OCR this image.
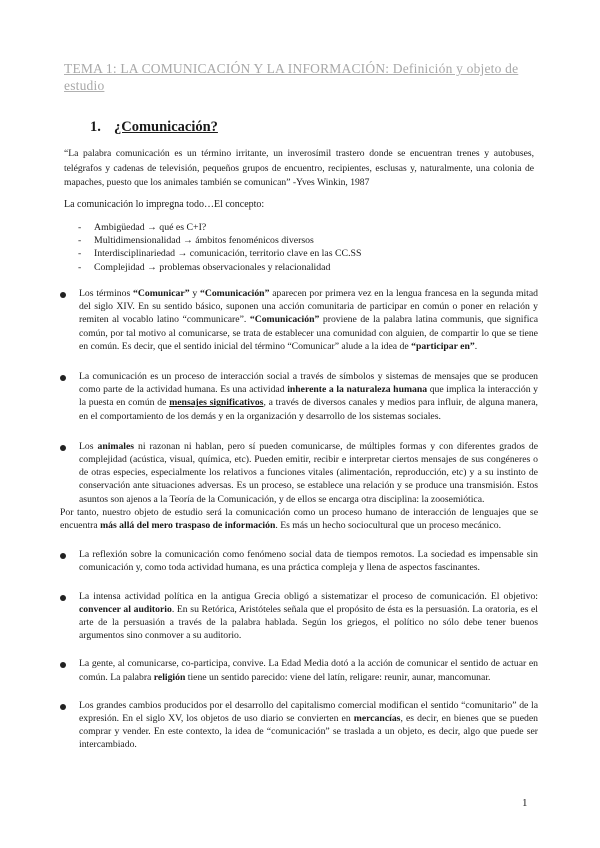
TEMA 1: LA COMUNICACIÓN Y LA INFORMACIÓN: Definición y objeto de estudio
1. ¿Comunicación?
“La palabra comunicación es un término irritante, un inverosímil trastero donde se encuentran trenes y autobuses, telégrafos y cadenas de televisión, pequeños grupos de encuentro, recipientes, esclusas y, naturalmente, una colonia de mapaches, puesto que los animales también se comunican” -Yves Winkin, 1987
La comunicación lo impregna todo…El concepto:
- Ambigüedad → qué es C+I?
- Multidimensionalidad → ámbitos fenoménicos diversos
- Interdisciplinariedad → comunicación, territorio clave en las CC.SS
- Complejidad → problemas observacionales y relacionalidad

Los términos “Comunicar” y “Comunicación” aparecen por primera vez en la lengua francesa en la segunda mitad del siglo XIV. En su sentido básico, suponen una acción comunitaria de participar en común o poner en relación y remiten al vocablo latino “communicare”. “Comunicación” proviene de la palabra latina communis, que significa común, por tal motivo al comunicarse, se trata de establecer una comunidad con alguien, de compartir lo que se tiene en común. Es decir, que el sentido inicial del término “Comunicar” alude a la idea de “participar en”.

La comunicación es un proceso de interacción social a través de símbolos y sistemas de mensajes que se producen como parte de la actividad humana. Es una actividad inherente a la naturaleza humana que implica la interacción y la puesta en común de mensajes significativos, a través de diversos canales y medios para influir, de alguna manera, en el comportamiento de los demás y en la organización y desarrollo de los sistemas sociales.

Los animales ni razonan ni hablan, pero sí pueden comunicarse, de múltiples formas y con diferentes grados de complejidad (acústica, visual, química, etc). Pueden emitir, recibir e interpretar ciertos mensajes de sus congéneres o de otras especies, especialmente los relativos a funciones vitales (alimentación, reproducción, etc) y a su instinto de conservación ante situaciones adversas. Es un proceso, se establece una relación y se produce una transmisión. Estos asuntos son ajenos a la Teoría de la Comunicación, y de ellos se encarga otra disciplina: la zoosemiótica.

Por tanto, nuestro objeto de estudio será la comunicación como un proceso humano de interacción de lenguajes que se encuentra más allá del mero traspaso de información. Es más un hecho sociocultural que un proceso mecánico.

La reflexión sobre la comunicación como fenómeno social data de tiempos remotos. La sociedad es impensable sin comunicación y, como toda actividad humana, es una práctica compleja y llena de aspectos fascinantes.

La intensa actividad política en la antigua Grecia obligó a sistematizar el proceso de comunicación. El objetivo: convencer al auditorio. En su Retórica, Aristóteles señala que el propósito de ésta es la persuasión. La oratoria, es el arte de la persuasión a través de la palabra hablada. Según los griegos, el político no sólo debe tener buenos argumentos sino conmover a su auditorio.

La gente, al comunicarse, co-participa, convive. La Edad Media dotó a la acción de comunicar el sentido de actuar en común. La palabra religión tiene un sentido parecido: viene del latín, religare: reunir, aunar, mancomunar.

Los grandes cambios producidos por el desarrollo del capitalismo comercial modifican el sentido “comunitario” de la expresión. En el siglo XV, los objetos de uso diario se convierten en mercancías, es decir, en bienes que se pueden comprar y vender. En este contexto, la idea de “comunicación” se traslada a un objeto, es decir, algo que puede ser intercambiado.

1
